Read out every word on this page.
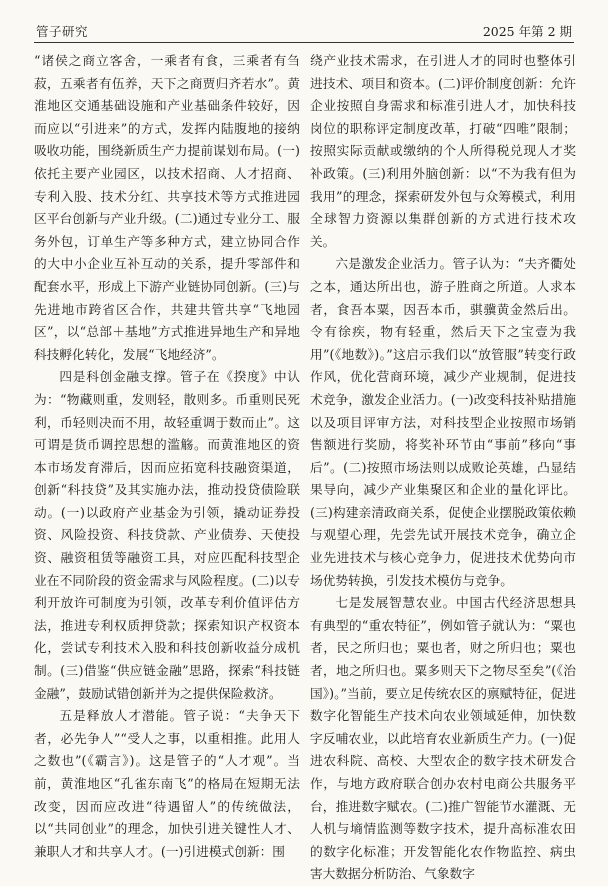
管子研究	2025 年第 2 期

“诸侯之商立客舍，一乘者有食，三乘者有刍菽，五乘者有伍养，天下之商贾归齐若水”。黄淮地区交通基础设施和产业基础条件较好，因而应以“引进来”的方式，发挥内陆腹地的接纳吸收功能，围绕新质生产力提前谋划布局。(一)依托主要产业园区，以技术招商、人才招商、专利入股、技术分红、共享技术等方式推进园区平台创新与产业升级。(二)通过专业分工、服务外包，订单生产等多种方式，建立协同合作的大中小企业互补互动的关系，提升零部件和配套水平，形成上下游产业链协同创新。(三)与先进地市跨省区合作，共建共管共享“飞地园区”，以“总部＋基地”方式推进异地生产和异地科技孵化转化，发展“飞地经济”。

四是科创金融支撑。管子在《揆度》中认为：“物藏则重，发则轻，散则多。币重则民死利，币轻则决而不用，故轻重调于数而止”。这可谓是货币调控思想的滥觞。而黄淮地区的资本市场发育滞后，因而应拓宽科技融资渠道，创新“科技贷”及其实施办法，推动投贷债险联动。(一)以政府产业基金为引领，撬动证券投资、风险投资、科技贷款、产业债券、天使投资、融资租赁等融资工具，对应匹配科技型企业在不同阶段的资金需求与风险程度。(二)以专利开放许可制度为引领，改革专利价值评估方法，推进专利权质押贷款；探索知识产权资本化，尝试专利技术入股和科技创新收益分成机制。(三)借鉴“供应链金融”思路，探索“科技链金融”，鼓励试错创新并为之提供保险救济。

五是释放人才潜能。管子说：“夫争天下者，必先争人”“受人之事，以重相推。此用人之数也”(《霸言》)。这是管子的“人才观”。当前，黄淮地区“孔雀东南飞”的格局在短期无法改变，因而应改进“待遇留人”的传统做法，以“共同创业”的理念，加快引进关键性人才、兼职人才和共享人才。(一)引进模式创新：围

绕产业技术需求，在引进人才的同时也整体引进技术、项目和资本。(二)评价制度创新：允许企业按照自身需求和标准引进人才，加快科技岗位的职称评定制度改革，打破“四唯”限制；按照实际贡献或缴纳的个人所得税兑现人才奖补政策。(三)利用外脑创新：以“不为我有但为我用”的理念，探索研发外包与众筹模式，利用全球智力资源以集群创新的方式进行技术攻关。

六是激发企业活力。管子认为：“夫齐衢处之本，通达所出也，游子胜商之所道。人求本者，食吾本粟，因吾本币，骐骥黄金然后出。令有徐疾，物有轻重，然后天下之宝壹为我用”(《地数》)。”这启示我们以“放管服”转变行政作风，优化营商环境，减少产业规制，促进技术竞争，激发企业活力。(一)改变科技补贴措施以及项目评审方法，对科技型企业按照市场销售额进行奖励，将奖补环节由“事前”移向“事后”。(二)按照市场法则以成败论英雄，凸显结果导向，减少产业集聚区和企业的量化评比。(三)构建亲清政商关系，促使企业摆脱政策依赖与观望心理，先尝先试开展技术竞争，确立企业先进技术与核心竞争力，促进技术优势向市场优势转换，引发技术模仿与竞争。

七是发展智慧农业。中国古代经济思想具有典型的“重农特征”，例如管子就认为：“粟也者，民之所归也；粟也者，财之所归也；粟也者，地之所归也。粟多则天下之物尽至矣”(《治国》)。”当前，要立足传统农区的禀赋特征，促进数字化智能生产技术向农业领域延伸，加快数字反哺农业，以此培育农业新质生产力。(一)促进农科院、高校、大型农企的数字技术研发合作，与地方政府联合创办农村电商公共服务平台，推进数字赋农。(二)推广智能节水灌溉、无人机与墒情监测等数字技术，提升高标准农田的数字化标准；开发智能化农作物监控、病虫害大数据分析防治、气象数字
